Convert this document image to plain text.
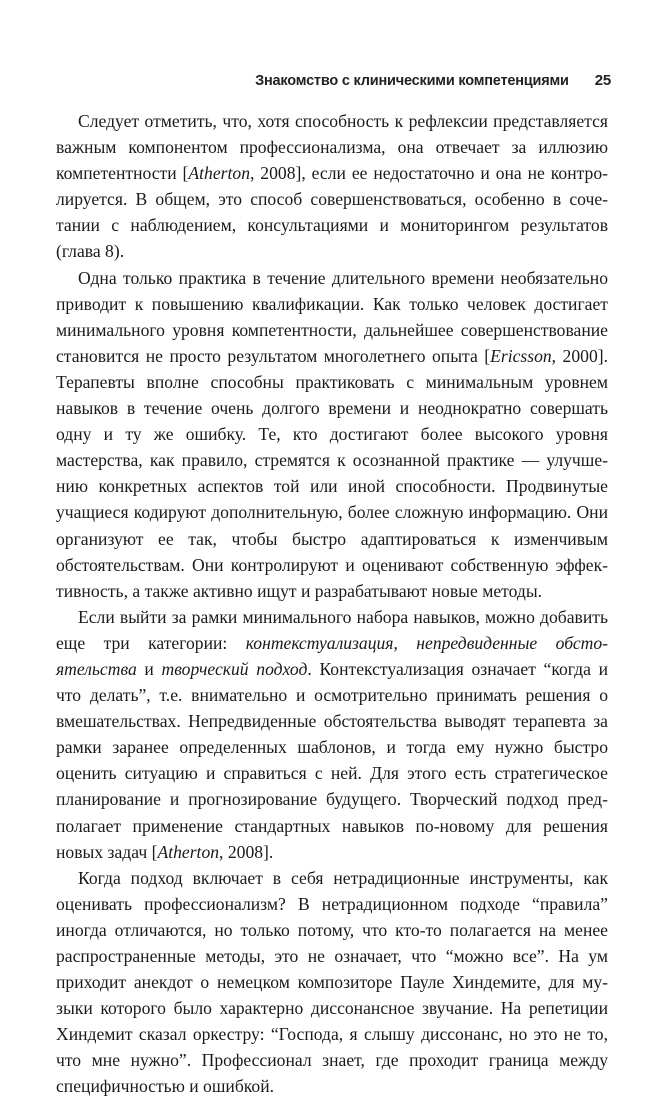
Знакомство с клиническими компетенциями 25

Следует отметить, что, хотя способность к рефлексии представляется важным компонентом профессионализма, она отвечает за иллюзию компетентности [Atherton, 2008], если ее недостаточно и она не контролируется. В общем, это способ совершенствоваться, особенно в сочетании с наблюдением, консультациями и мониторингом результатов (глава 8).

Одна только практика в течение длительного времени необязательно приводит к повышению квалификации. Как только человек достигает минимального уровня компетентности, дальнейшее совершенствование становится не просто результатом многолетнего опыта [Ericsson, 2000]. Терапевты вполне способны практиковать с минимальным уровнем навыков в течение очень долгого времени и неоднократно совершать одну и ту же ошибку. Те, кто достигают более высокого уровня мастерства, как правило, стремятся к осознанной практике — улучшению конкретных аспектов той или иной способности. Продвинутые учащиеся кодируют дополнительную, более сложную информацию. Они организуют ее так, чтобы быстро адаптироваться к изменчивым обстоятельствам. Они контролируют и оценивают собственную эффективность, а также активно ищут и разрабатывают новые методы.

Если выйти за рамки минимального набора навыков, можно добавить еще три категории: контекстуализация, непредвиденные обстоятельства и творческий подход. Контекстуализация означает “когда и что делать”, т.е. внимательно и осмотрительно принимать решения о вмешательствах. Непредвиденные обстоятельства выводят терапевта за рамки заранее определенных шаблонов, и тогда ему нужно быстро оценить ситуацию и справиться с ней. Для этого есть стратегическое планирование и прогнозирование будущего. Творческий подход предполагает применение стандартных навыков по-новому для решения новых задач [Atherton, 2008].

Когда подход включает в себя нетрадиционные инструменты, как оценивать профессионализм? В нетрадиционном подходе “правила” иногда отличаются, но только потому, что кто-то полагается на менее распространенные методы, это не означает, что “можно все”. На ум приходит анекдот о немецком композиторе Пауле Хиндемите, для музыки которого было характерно диссонансное звучание. На репетиции Хиндемит сказал оркестру: “Господа, я слышу диссонанс, но это не то, что мне нужно”. Профессионал знает, где проходит граница между специфичностью и ошибкой.
